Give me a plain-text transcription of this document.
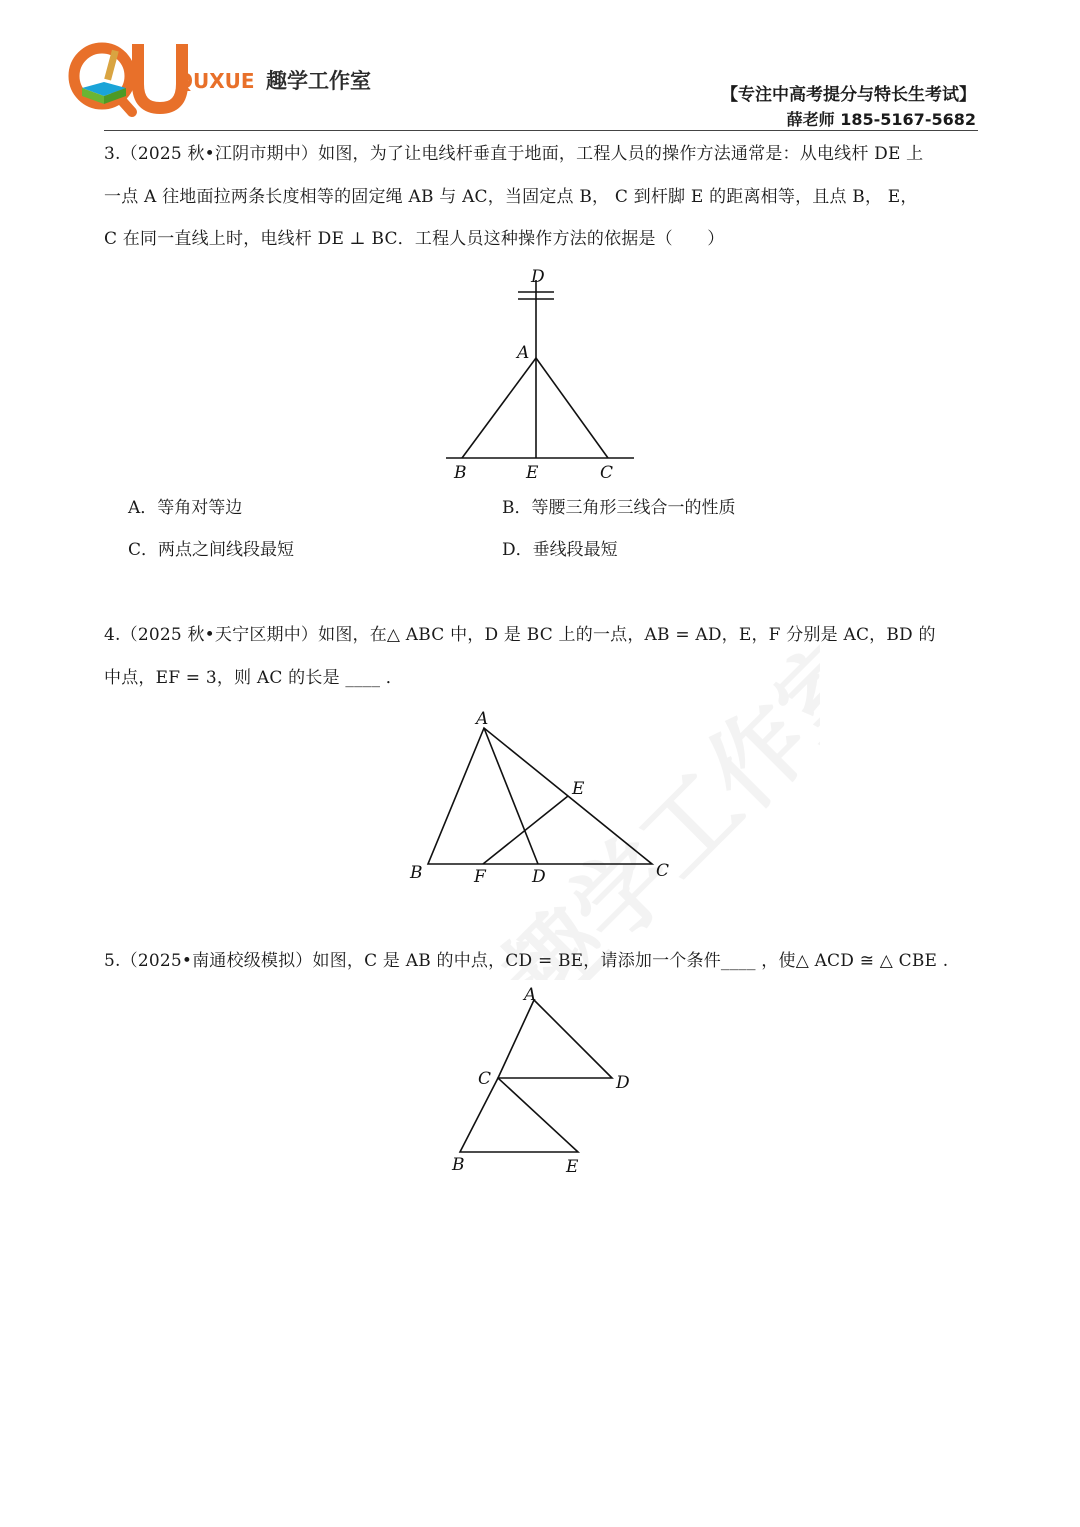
QUXUE 趣学工作室
【专注中高考提分与特长生考试】
薛老师 185-5167-5682
3.（2025 秋•江阴市期中）如图，为了让电线杆垂直于地面，工程人员的操作方法通常是：从电线杆 DE 上
一点 A 往地面拉两条长度相等的固定绳 AB 与 AC，当固定点 B， C 到杆脚 E 的距离相等，且点 B， E，
C 在同一直线上时，电线杆 DE ⊥ BC．工程人员这种操作方法的依据是（　　）
D
A
B	E	C
A．等角对等边	B．等腰三角形三线合一的性质
C．两点之间线段最短	D．垂线段最短
4.（2025 秋•天宁区期中）如图，在△ ABC 中，D 是 BC 上的一点，AB = AD，E，F 分别是 AC，BD 的
中点，EF = 3，则 AC 的长是 ____ ．
A
E
B	F	D	C
5.（2025•南通校级模拟）如图，C 是 AB 的中点，CD = BE，请添加一个条件____ ，使△ ACD ≅ △ CBE .
A
C	D
B	E
